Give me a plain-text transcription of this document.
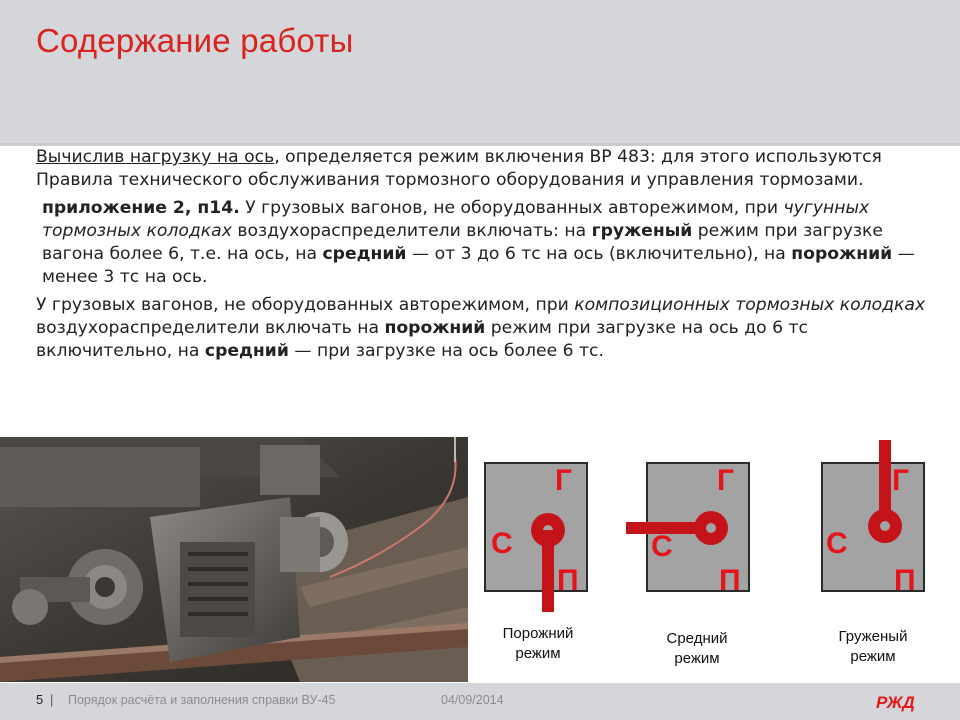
Содержание работы

Вычислив нагрузку на ось, определяется режим включения ВР 483: для этого используются Правила технического обслуживания тормозного оборудования и управления тормозами.

приложение 2, п14. У грузовых вагонов, не оборудованных авторежимом, при чугунных тормозных колодках воздухораспределители включать: на груженый режим при загрузке вагона более 6, т.е. на ось, на средний — от 3 до 6 тс на ось (включительно), на порожний — менее 3 тс на ось.

У грузовых вагонов, не оборудованных авторежимом, при композиционных тормозных колодках воздухораспределители включать на порожний режим при загрузке на ось до 6 тс включительно, на средний — при загрузке на ось более 6 тс.

Г
С
П
Порожний
режим
Г
С
П
Средний
режим
Г
С
П
Груженый
режим
5 | Порядок расчёта и заполнения справки ВУ-45	04/09/2014	РЖД
